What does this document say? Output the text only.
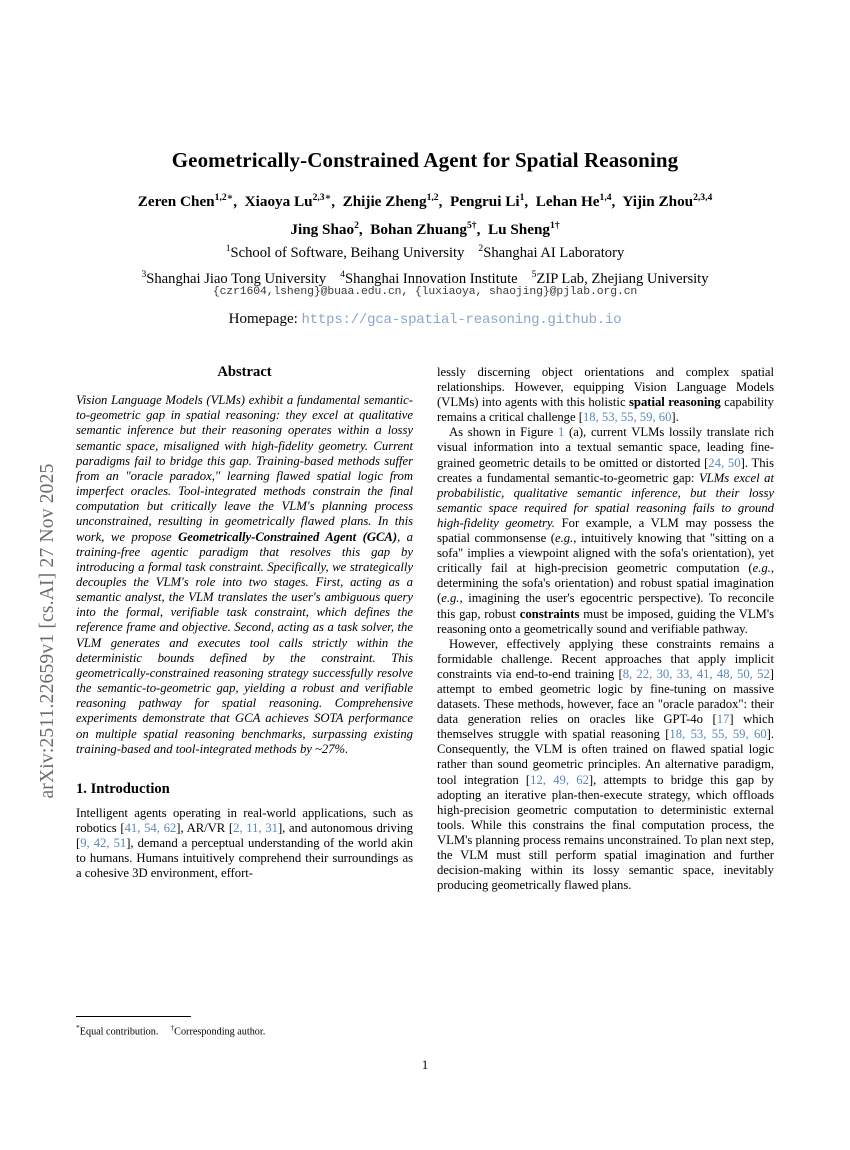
arXiv:2511.22659v1 [cs.AI] 27 Nov 2025
Geometrically-Constrained Agent for Spatial Reasoning
Zeren Chen$^{1,2∗}$,  Xiaoya $Lu^{2,3∗}$,  Zhijie Zheng$^{1,2}$,  Pengrui Li$^1$,  Lehan He$^{1,4}$,  Yijin Zhou$^{2,3,4}$
Jing Shao$^2$,  Bohan Zhuang$^{5\dagger}$,  Lu Sheng$^{1\dagger}$
$^1$School of Software, Beihang University $^2$Shanghai AI Laboratory
$^3$Shanghai Jiao Tong University $^4$Shanghai Innovation Institute $^5$ZIP Lab, Zhejiang University
{czr1604,lsheng}@buaa.edu.cn, {luxiaoya, shaojing}@pjlab.org.cn
Homepage: https://gca-spatial-reasoning.github.io
Abstract

Vision Language Models (VLMs) exhibit a fundamental semantic-to-geometric gap in spatial reasoning: they excel at qualitative semantic inference but their reasoning operates within a lossy semantic space, misaligned with high-fidelity geometry. Current paradigms fail to bridge this gap. Training-based methods suffer from an "oracle paradox," learning flawed spatial logic from imperfect oracles. Tool-integrated methods constrain the final computation but critically leave the VLM's planning process unconstrained, resulting in geometrically flawed plans. In this work, we propose Geometrically-Constrained Agent (GCA), a training-free agentic paradigm that resolves this gap by introducing a formal task constraint. Specifically, we strategically decouples the VLM's role into two stages. First, acting as a semantic analyst, the VLM translates the user's ambiguous query into the formal, verifiable task constraint, which defines the reference frame and objective. Second, acting as a task solver, the VLM generates and executes tool calls strictly within the deterministic bounds defined by the constraint. This geometrically-constrained reasoning strategy successfully resolve the semantic-to-geometric gap, yielding a robust and verifiable reasoning pathway for spatial reasoning. Comprehensive experiments demonstrate that GCA achieves SOTA performance on multiple spatial reasoning benchmarks, surpassing existing training-based and tool-integrated methods by ~27%.

1. Introduction

Intelligent agents operating in real-world applications, such as robotics [41, 54, 62], AR/VR [2, 11, 31], and autonomous driving [9, 42, 51], demand a perceptual understanding of the world akin to humans. Humans intuitively comprehend their surroundings as a cohesive 3D environment, effort-

lessly discerning object orientations and complex spatial relationships. However, equipping Vision Language Models (VLMs) into agents with this holistic spatial reasoning capability remains a critical challenge [18, 53, 55, 59, 60].

As shown in Figure 1 (a), current VLMs lossily translate rich visual information into a textual semantic space, leading fine-grained geometric details to be omitted or distorted [24, 50]. This creates a fundamental semantic-to-geometric gap: VLMs excel at probabilistic, qualitative semantic inference, but their lossy semantic space required for spatial reasoning fails to ground high-fidelity geometry. For example, a VLM may possess the spatial commonsense (e.g., intuitively knowing that "sitting on a sofa" implies a viewpoint aligned with the sofa's orientation), yet critically fail at high-precision geometric computation (e.g., determining the sofa's orientation) and robust spatial imagination (e.g., imagining the user's egocentric perspective). To reconcile this gap, robust constraints must be imposed, guiding the VLM's reasoning onto a geometrically sound and verifiable pathway.

However, effectively applying these constraints remains a formidable challenge. Recent approaches that apply implicit constraints via end-to-end training [8, 22, 30, 33, 41, 48, 50, 52] attempt to embed geometric logic by fine-tuning on massive datasets. These methods, however, face an "oracle paradox": their data generation relies on oracles like GPT-4o [17] which themselves struggle with spatial reasoning [18, 53, 55, 59, 60]. Consequently, the VLM is often trained on flawed spatial logic rather than sound geometric principles. An alternative paradigm, tool integration [12, 49, 62], attempts to bridge this gap by adopting an iterative plan-then-execute strategy, which offloads high-precision geometric computation to deterministic external tools. While this constrains the final computation process, the VLM's planning process remains unconstrained. To plan next step, the VLM must still perform spatial imagination and further decision-making within its lossy semantic space, inevitably producing geometrically flawed plans.

*Equal contribution. †Corresponding author.
1
